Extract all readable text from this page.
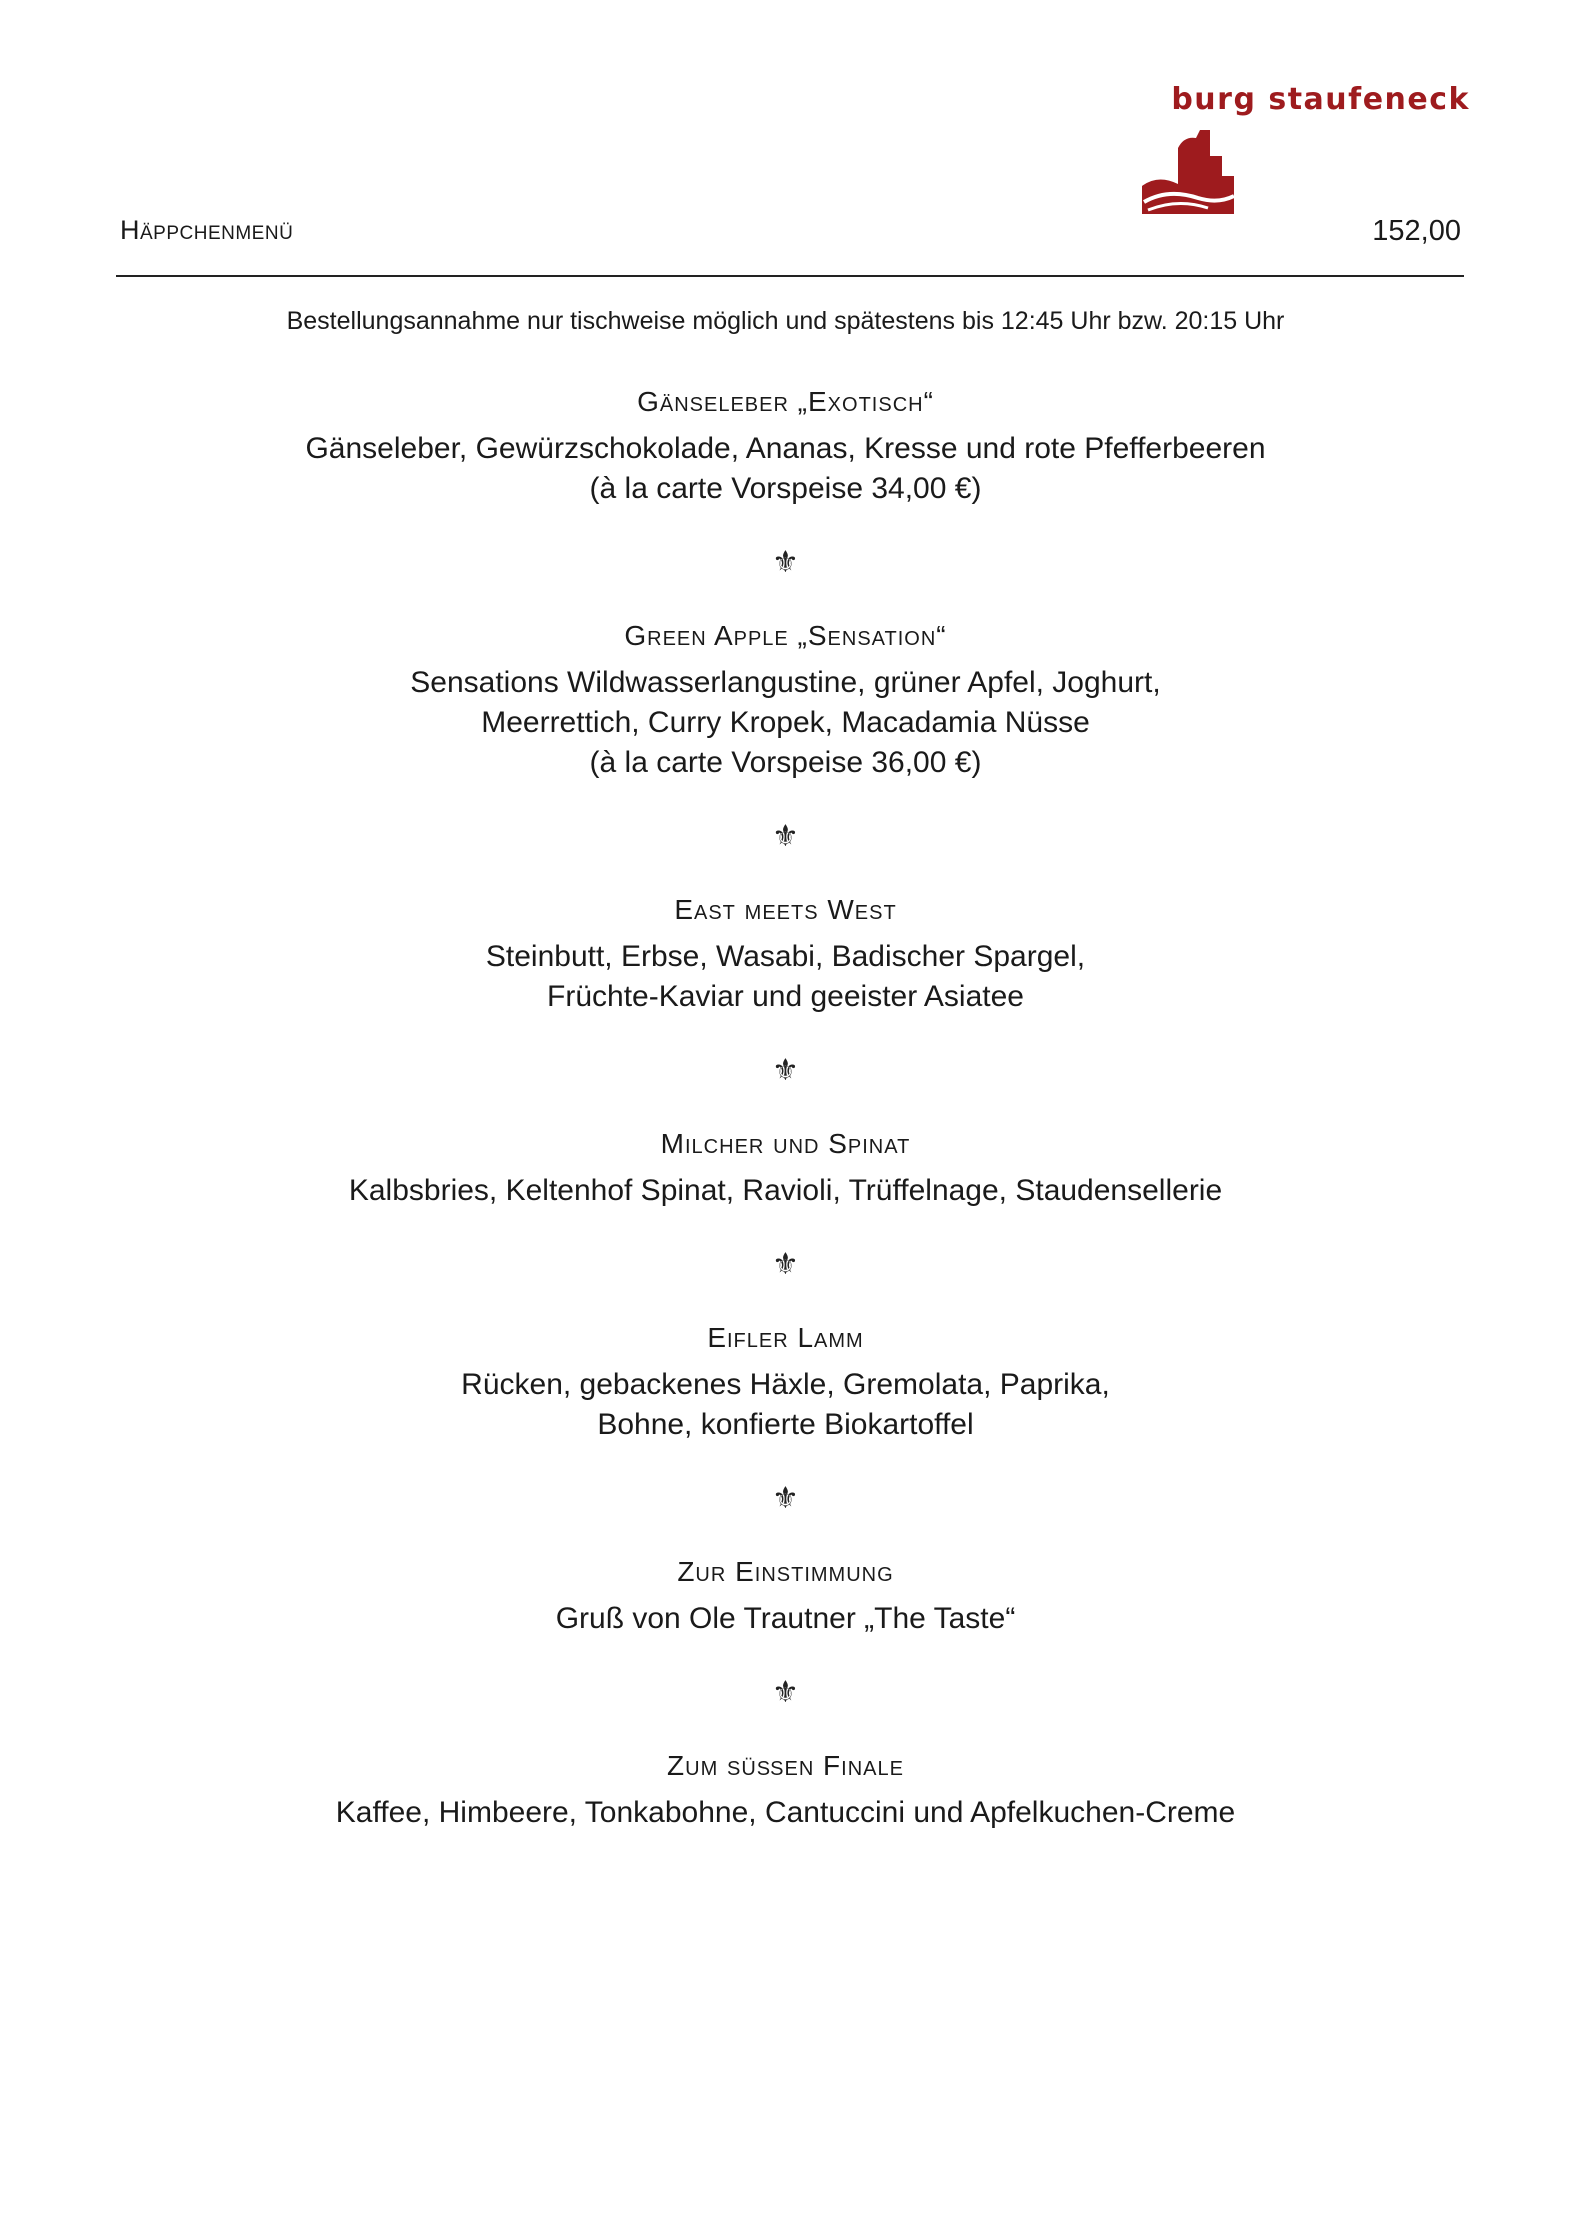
burg staufeneck
Häppchenmenü	152,00
Bestellungsannahme nur tischweise möglich und spätestens bis 12:45 Uhr bzw. 20:15 Uhr

Gänseleber „Exotisch“

Gänseleber, Gewürzschokolade, Ananas, Kresse und rote Pfefferbeeren
(à la carte Vorspeise 34,00 €)

⚜

Green Apple „Sensation“

Sensations Wildwasserlangustine, grüner Apfel, Joghurt,
Meerrettich, Curry Kropek, Macadamia Nüsse
(à la carte Vorspeise 36,00 €)

⚜

East meets West

Steinbutt, Erbse, Wasabi, Badischer Spargel,
Früchte-Kaviar und geeister Asiatee

⚜

Milcher und Spinat

Kalbsbries, Keltenhof Spinat, Ravioli, Trüffelnage, Staudensellerie

⚜

Eifler Lamm

Rücken, gebackenes Häxle, Gremolata, Paprika,
Bohne, konfierte Biokartoffel

⚜

Zur Einstimmung

Gruß von Ole Trautner „The Taste“

⚜

Zum süßen Finale

Kaffee, Himbeere, Tonkabohne, Cantuccini und Apfelkuchen-Creme
